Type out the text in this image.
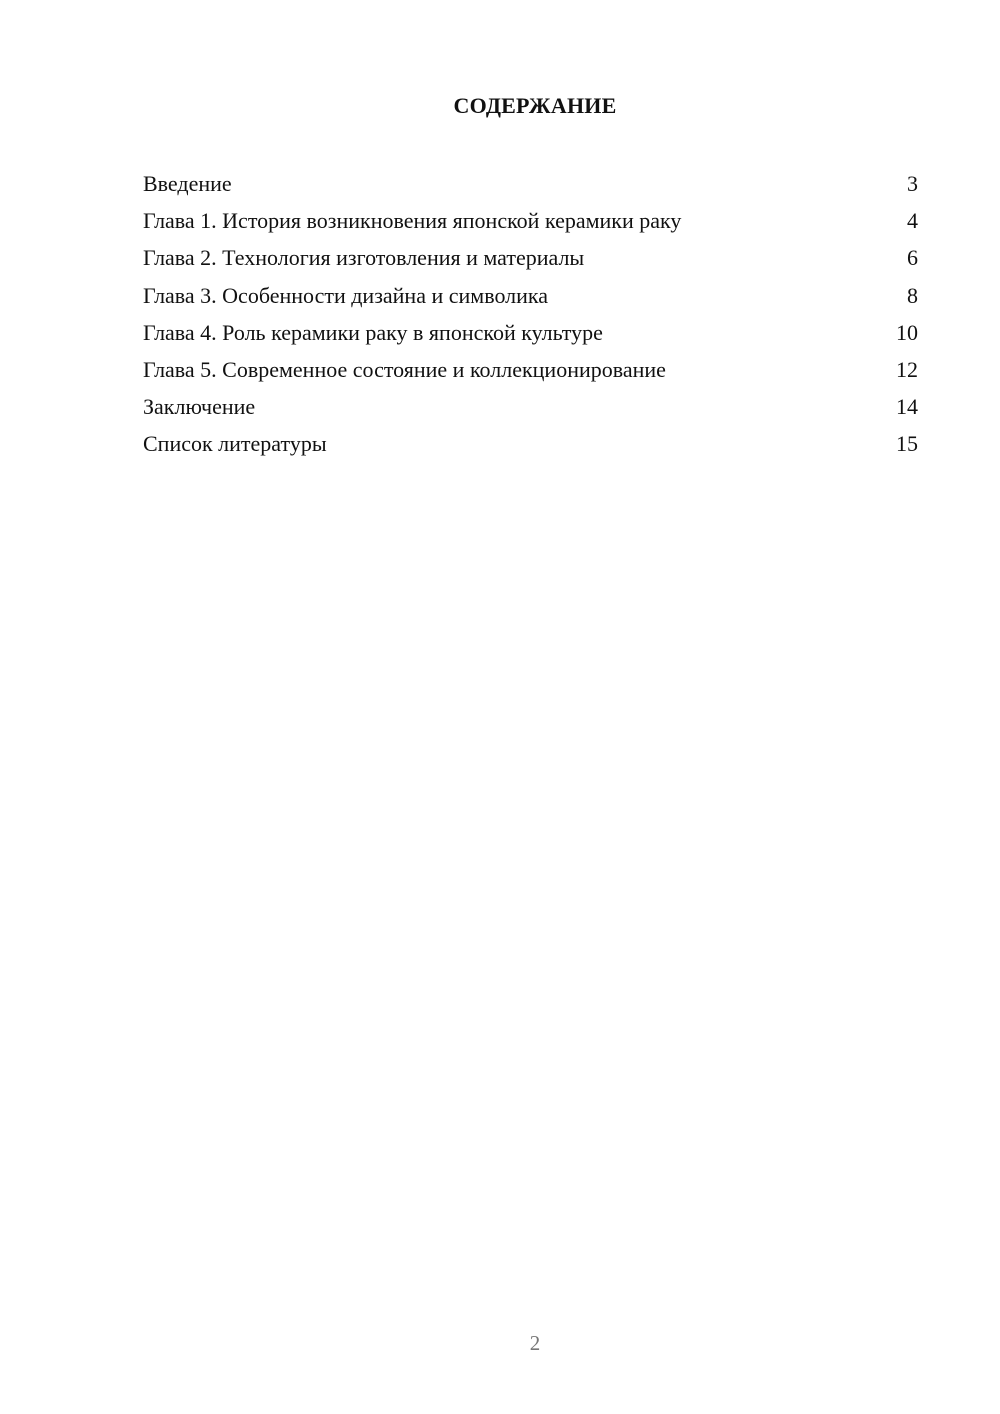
СОДЕРЖАНИЕ
Введение	3
Глава 1. История возникновения японской керамики раку	4
Глава 2. Технология изготовления и материалы	6
Глава 3. Особенности дизайна и символика	8
Глава 4. Роль керамики раку в японской культуре	10
Глава 5. Современное состояние и коллекционирование	12
Заключение	14
Список литературы	15
2
